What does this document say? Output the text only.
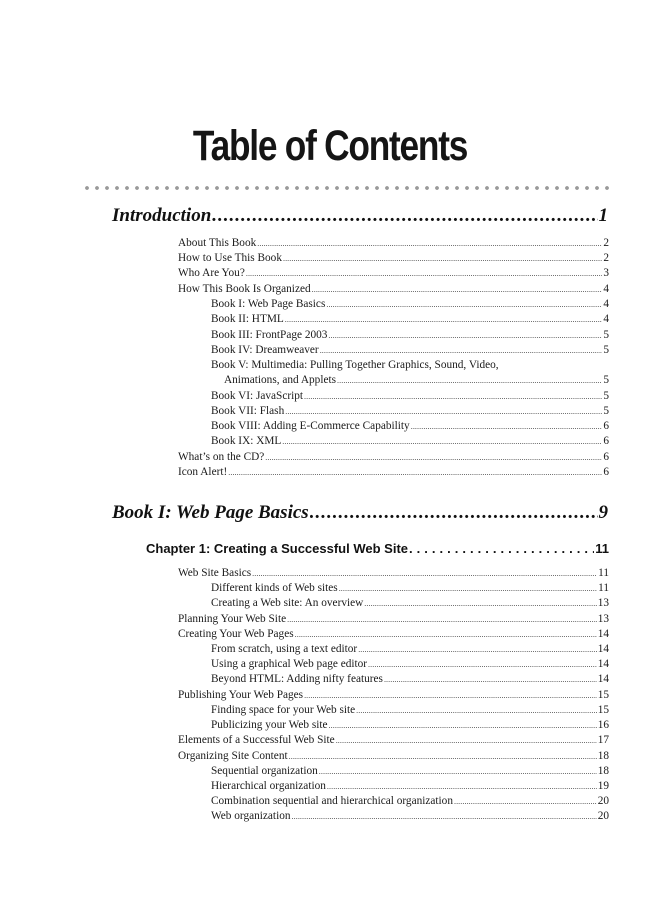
Table of Contents
Introduction .....	1
About This Book .....	2
How to Use This Book .....	2
Who Are You? .....	3
How This Book Is Organized .....	4
Book I: Web Page Basics .....	4
Book II: HTML .....	4
Book III: FrontPage 2003 .....	5
Book IV: Dreamweaver .....	5
Book V: Multimedia: Pulling Together Graphics, Sound, Video,
Animations, and Applets .....	5
Book VI: JavaScript .....	5
Book VII: Flash .....	5
Book VIII: Adding E-Commerce Capability .....	6
Book IX: XML .....	6
What’s on the CD? .....	6
Icon Alert! .....	6
Book I: Web Page Basics .....	9
Chapter 1: Creating a Successful Web Site . . .	11
Web Site Basics .....	11
Different kinds of Web sites .....	11
Creating a Web site: An overview .....	13
Planning Your Web Site .....	13
Creating Your Web Pages .....	14
From scratch, using a text editor .....	14
Using a graphical Web page editor .....	14
Beyond HTML: Adding nifty features .....	14
Publishing Your Web Pages .....	15
Finding space for your Web site .....	15
Publicizing your Web site .....	16
Elements of a Successful Web Site .....	17
Organizing Site Content .....	18
Sequential organization .....	18
Hierarchical organization .....	19
Combination sequential and hierarchical organization .....	20
Web organization .....	20
